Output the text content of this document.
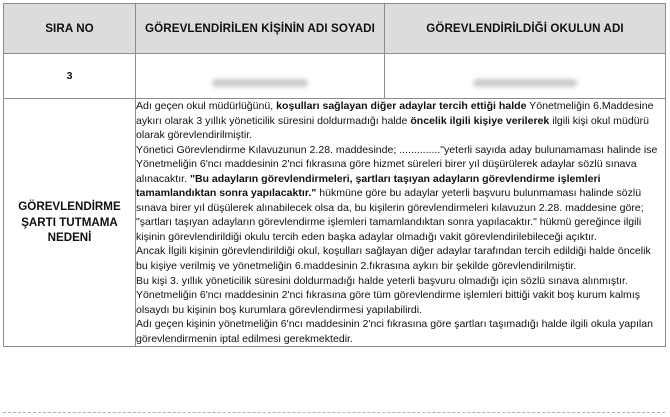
SIRA NO	GÖREVLENDİRİLEN KİŞİNİN ADI SOYADI	GÖREVLENDİRİLDİĞİ OKULUN ADI
3		
GÖREVLENDİRME ŞARTI TUTMAMA NEDENİ	Adı geçen okul müdürlüğünü, koşulları sağlayan diğer adaylar tercih ettiği halde Yönetmeliğin 6.Maddesine aykırı olarak 3 yıllık yöneticilik süresini doldurmadığı halde öncelik ilgili kişiye verilerek ilgili kişi okul müdürü olarak görevlendirilmiştir.

Yönetici Görevlendirme Kılavuzunun 2.28. maddesinde; .............."yeterli sayıda aday bulunamaması halinde ise Yönetmeliğin 6'ncı maddesinin 2'nci fıkrasına göre hizmet süreleri birer yıl düşürülerek adaylar sözlü sınava alınacaktır. "Bu adayların görevlendirmeleri, şartları taşıyan adayların görevlendirme işlemleri tamamlandıktan sonra yapılacaktır." hükmüne göre bu adaylar yeterli başvuru bulunmaması halinde sözlü sınava birer yıl düşülerek alınabilecek olsa da, bu kişilerin görevlendirmeleri kılavuzun 2.28. maddesine göre; "şartları taşıyan adayların görevlendirme işlemleri tamamlandıktan sonra yapılacaktır." hükmü gereğince ilgili kişinin görevlendirildiği okulu tercih eden başka adaylar olmadığı vakit görevlendirilebileceği açıktır.

Ancak İlgili kişinin görevlendirildiği okul, koşulları sağlayan diğer adaylar tarafından tercih edildiği halde öncelik bu kişiye verilmiş ve yönetmeliğin 6.maddesinin 2.fıkrasına aykırı bir şekilde görevlendirilmiştir.

Bu kişi 3. yıllık yöneticilik süresini doldurmadığı halde yeterli başvuru olmadığı için sözlü sınava alınmıştır. Yönetmeliğin 6'ncı maddesinin 2'nci fıkrasına göre tüm görevlendirme işlemleri bittiği vakit boş kurum kalmış olsaydı bu kişinin boş kurumlara görevlendirmesi yapılabilirdi.

Adı geçen kişinin yönetmeliğin 6'ncı maddesinin 2'nci fıkrasına göre şartları taşımadığı halde ilgili okula yapılan görevlendirmenin iptal edilmesi gerekmektedir.	
